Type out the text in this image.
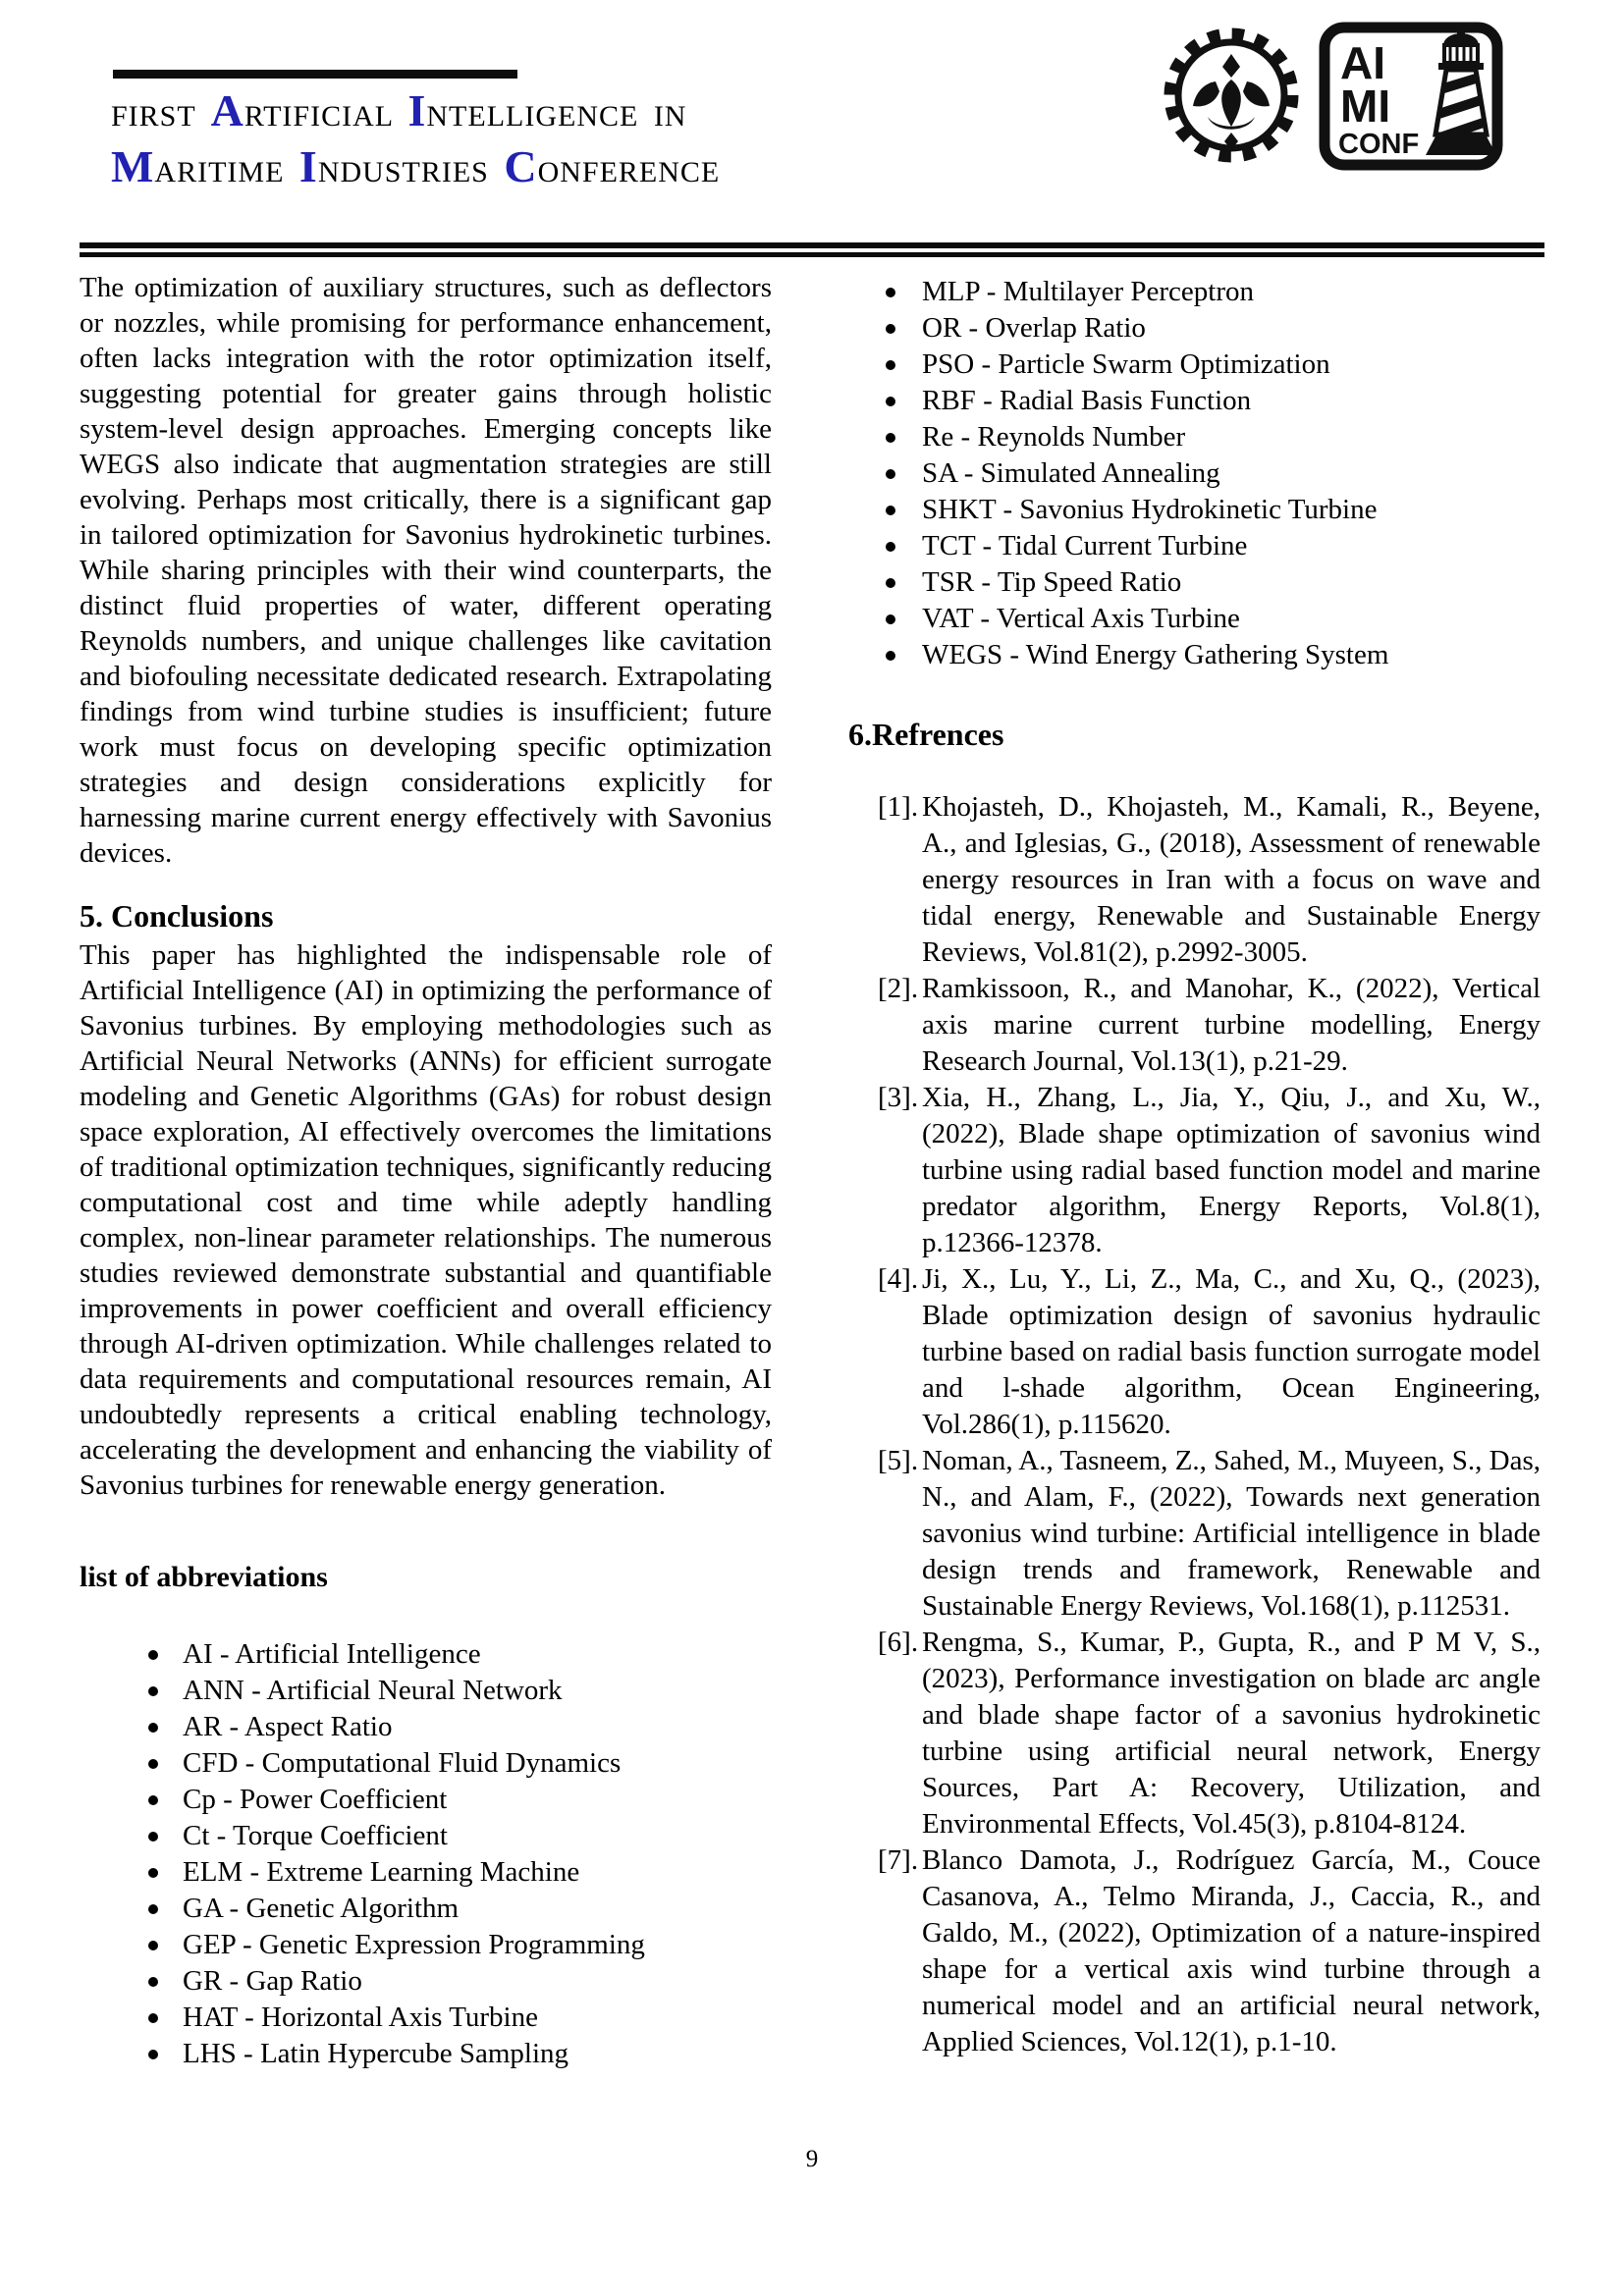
FIRST ARTIFICIAL INTELLIGENCE IN
MARITIME INDUSTRIES CONFERENCE
AI
MI
CONF

The optimization of auxiliary structures, such as deflectors or nozzles, while promising for performance enhancement, often lacks integration with the rotor optimization itself, suggesting potential for greater gains through holistic system-level design approaches. Emerging concepts like WEGS also indicate that augmentation strategies are still evolving. Perhaps most critically, there is a significant gap in tailored optimization for Savonius hydrokinetic turbines. While sharing principles with their wind counterparts, the distinct fluid properties of water, different operating Reynolds numbers, and unique challenges like cavitation and biofouling necessitate dedicated research. Extrapolating findings from wind turbine studies is insufficient; future work must focus on developing specific optimization strategies and design considerations explicitly for harnessing marine current energy effectively with Savonius devices.

5. Conclusions

This paper has highlighted the indispensable role of Artificial Intelligence (AI) in optimizing the performance of Savonius turbines. By employing methodologies such as Artificial Neural Networks (ANNs) for efficient surrogate modeling and Genetic Algorithms (GAs) for robust design space exploration, AI effectively overcomes the limitations of traditional optimization techniques, significantly reducing computational cost and time while adeptly handling complex, non-linear parameter relationships. The numerous studies reviewed demonstrate substantial and quantifiable improvements in power coefficient and overall efficiency through AI-driven optimization. While challenges related to data requirements and computational resources remain, AI undoubtedly represents a critical enabling technology, accelerating the development and enhancing the viability of Savonius turbines for renewable energy generation.

list of abbreviations
AI - Artificial Intelligence
ANN - Artificial Neural Network
AR - Aspect Ratio
CFD - Computational Fluid Dynamics
Cp - Power Coefficient
Ct - Torque Coefficient
ELM - Extreme Learning Machine
GA - Genetic Algorithm
GEP - Genetic Expression Programming
GR - Gap Ratio
HAT - Horizontal Axis Turbine
LHS - Latin Hypercube Sampling
MLP - Multilayer Perceptron
OR - Overlap Ratio
PSO - Particle Swarm Optimization
RBF - Radial Basis Function
Re - Reynolds Number
SA - Simulated Annealing
SHKT - Savonius Hydrokinetic Turbine
TCT - Tidal Current Turbine
TSR - Tip Speed Ratio
VAT - Vertical Axis Turbine
WEGS - Wind Energy Gathering System
6.Refrences
[1]. Khojasteh, D., Khojasteh, M., Kamali, R., Beyene, A., and Iglesias, G., (2018), Assessment of renewable energy resources in Iran with a focus on wave and tidal energy, Renewable and Sustainable Energy Reviews, Vol.81(2), p.2992-3005.
[2]. Ramkissoon, R., and Manohar, K., (2022), Vertical axis marine current turbine modelling, Energy Research Journal, Vol.13(1), p.21-29.
[3]. Xia, H., Zhang, L., Jia, Y., Qiu, J., and Xu, W., (2022), Blade shape optimization of savonius wind turbine using radial based function model and marine predator algorithm, Energy Reports, Vol.8(1), p.12366-12378.
[4]. Ji, X., Lu, Y., Li, Z., Ma, C., and Xu, Q., (2023), Blade optimization design of savonius hydraulic turbine based on radial basis function surrogate model and l-shade algorithm, Ocean Engineering, Vol.286(1), p.115620.
[5]. Noman, A., Tasneem, Z., Sahed, M., Muyeen, S., Das, N., and Alam, F., (2022), Towards next generation savonius wind turbine: Artificial intelligence in blade design trends and framework, Renewable and Sustainable Energy Reviews, Vol.168(1), p.112531.
[6]. Rengma, S., Kumar, P., Gupta, R., and P M V, S., (2023), Performance investigation on blade arc angle and blade shape factor of a savonius hydrokinetic turbine using artificial neural network, Energy Sources, Part A: Recovery, Utilization, and Environmental Effects, Vol.45(3), p.8104-8124.
[7]. Blanco Damota, J., Rodríguez García, M., Couce Casanova, A., Telmo Miranda, J., Caccia, R., and Galdo, M., (2022), Optimization of a nature-inspired shape for a vertical axis wind turbine through a numerical model and an artificial neural network, Applied Sciences, Vol.12(1), p.1-10.
9
